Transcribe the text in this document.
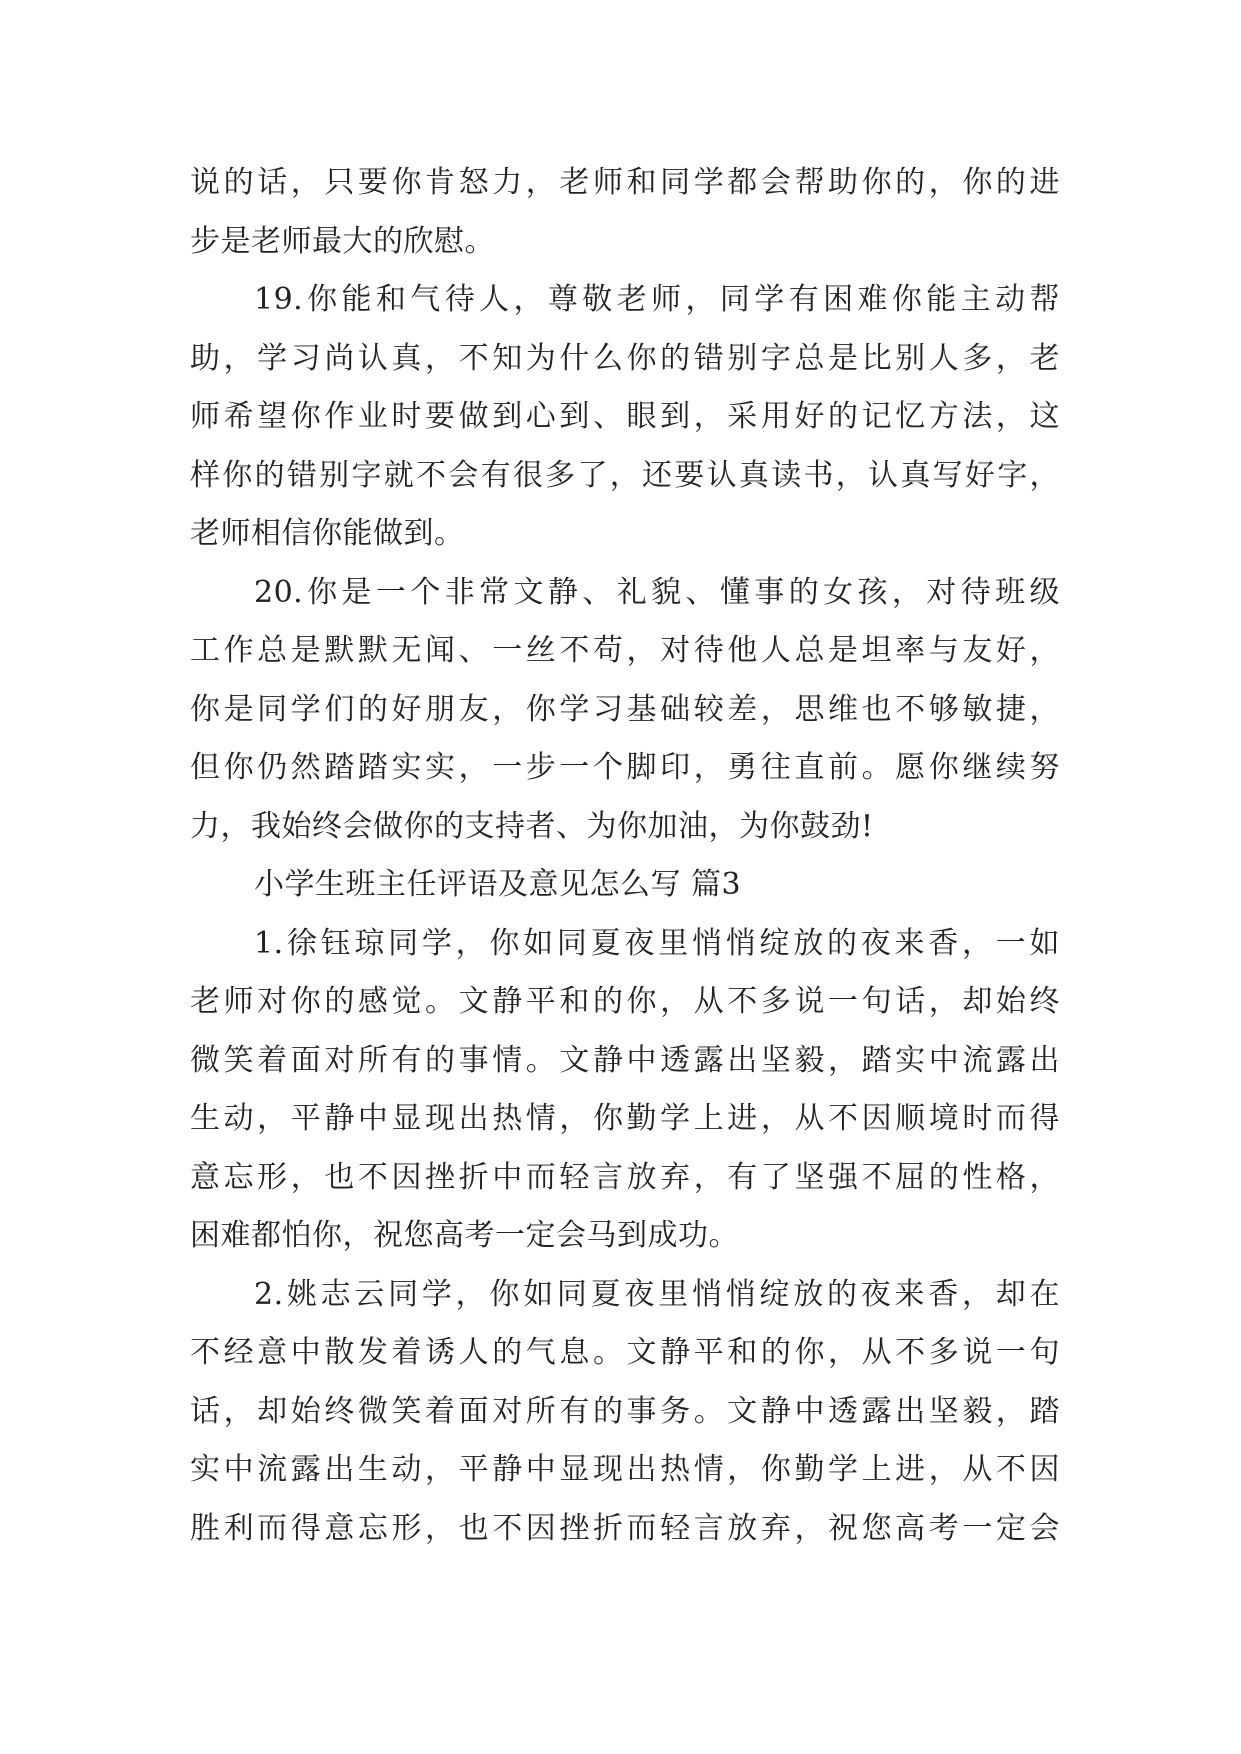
说的话，只要你肯怒力，老师和同学都会帮助你的，你的进
步是老师最大的欣慰。
19.你能和气待人，尊敬老师，同学有困难你能主动帮
助，学习尚认真，不知为什么你的错别字总是比别人多，老
师希望你作业时要做到心到、眼到，采用好的记忆方法，这
样你的错别字就不会有很多了，还要认真读书，认真写好字，
老师相信你能做到。
20.你是一个非常文静、礼貌、懂事的女孩，对待班级
工作总是默默无闻、一丝不苟，对待他人总是坦率与友好，
你是同学们的好朋友，你学习基础较差，思维也不够敏捷，
但你仍然踏踏实实，一步一个脚印，勇往直前。愿你继续努
力，我始终会做你的支持者、为你加油，为你鼓劲!
小学生班主任评语及意见怎么写 篇3
1.徐钰琼同学，你如同夏夜里悄悄绽放的夜来香，一如
老师对你的感觉。文静平和的你，从不多说一句话，却始终
微笑着面对所有的事情。文静中透露出坚毅，踏实中流露出
生动，平静中显现出热情，你勤学上进，从不因顺境时而得
意忘形，也不因挫折中而轻言放弃，有了坚强不屈的性格，
困难都怕你，祝您高考一定会马到成功。
2.姚志云同学，你如同夏夜里悄悄绽放的夜来香，却在
不经意中散发着诱人的气息。文静平和的你，从不多说一句
话，却始终微笑着面对所有的事务。文静中透露出坚毅，踏
实中流露出生动，平静中显现出热情，你勤学上进，从不因
胜利而得意忘形，也不因挫折而轻言放弃，祝您高考一定会
